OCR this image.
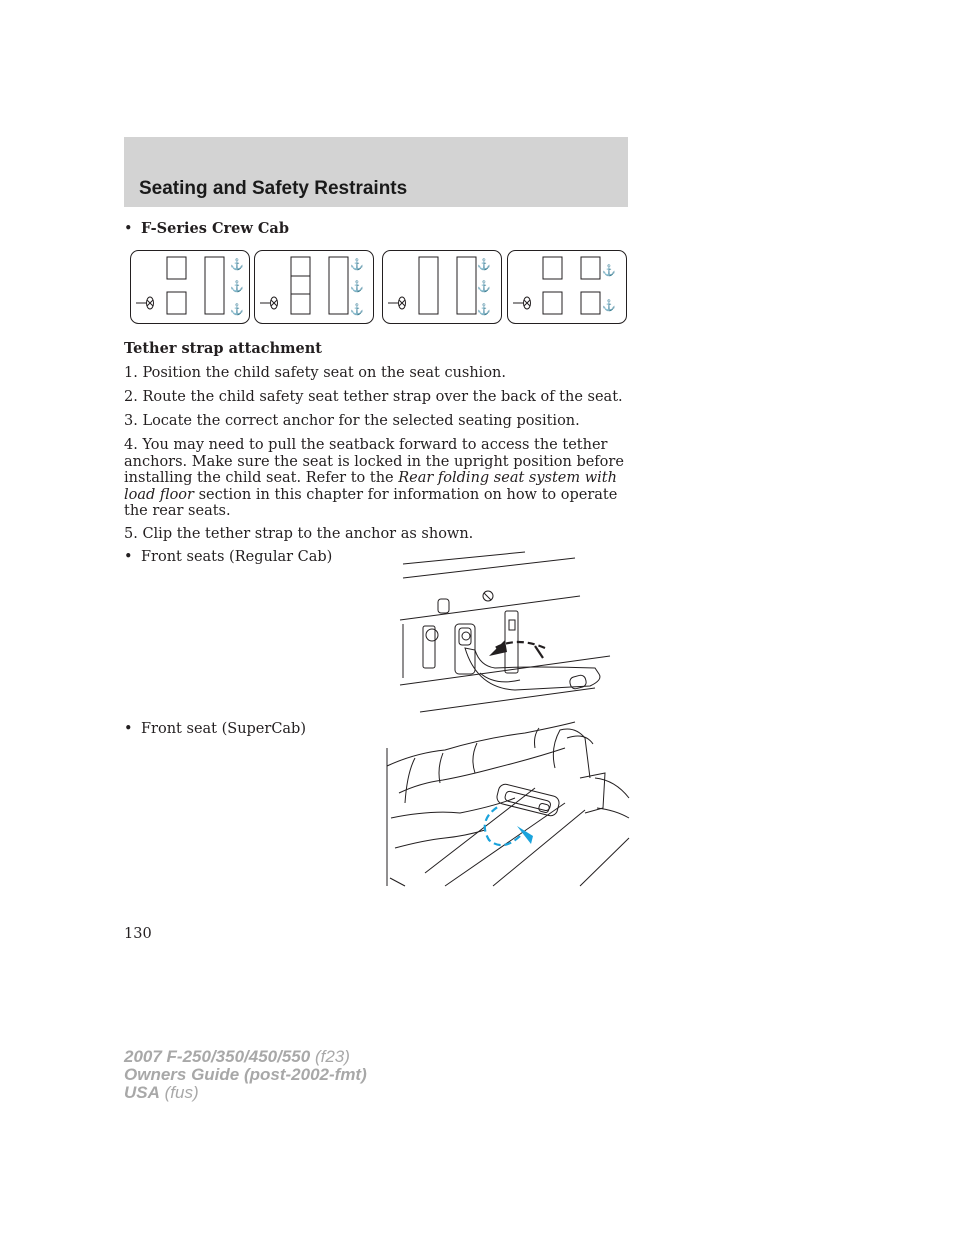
Seating and Safety Restraints
• F-Series Crew Cab
⚓
⚓
⚓
⚓
⚓
⚓
⚓
⚓
⚓
⚓
⚓
Tether strap attachment
1. Position the child safety seat on the seat cushion.
2. Route the child safety seat tether strap over the back of the seat.
3. Locate the correct anchor for the selected seating position.
4. You may need to pull the seatback forward to access the tether anchors. Make sure the seat is locked in the upright position before installing the child seat. Refer to the Rear folding seat system with load floor section in this chapter for information on how to operate the rear seats.
5. Clip the tether strap to the anchor as shown.
• Front seats (Regular Cab)
• Front seat (SuperCab)
130
2007 F-250/350/450/550 (f23)
Owners Guide (post-2002-fmt)
USA (fus)
